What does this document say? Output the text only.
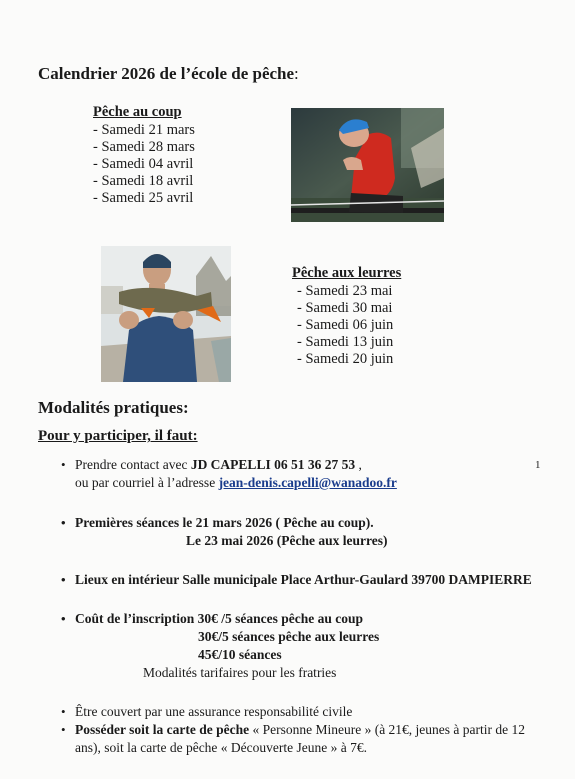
Calendrier 2026 de l’école de pêche:
Pêche au coup
- Samedi 21 mars
- Samedi 28 mars
- Samedi 04 avril
- Samedi 18 avril
- Samedi 25 avril
Pêche aux leurres
- Samedi 23 mai
- Samedi 30 mai
- Samedi 06 juin
- Samedi 13 juin
- Samedi 20 juin
Modalités pratiques:
Pour y participer, il faut:
• Prendre contact avec JD CAPELLI 06 51 36 27 53 ,	1
ou par courriel à l’adresse jean-denis.capelli@wanadoo.fr
• Premières séances le 21 mars 2026 ( Pêche au coup).
Le 23 mai 2026 (Pêche aux leurres)
• Lieux en intérieur Salle municipale Place Arthur-Gaulard 39700 DAMPIERRE
• Coût de l’inscription 30€ /5 séances pêche au coup
30€/5 séances pêche aux leurres
45€/10 séances
Modalités tarifaires pour les fratries
• Être couvert par une assurance responsabilité civile
• Posséder soit la carte de pêche « Personne Mineure » (à 21€, jeunes à partir de 12
ans), soit la carte de pêche « Découverte Jeune » à 7€.
